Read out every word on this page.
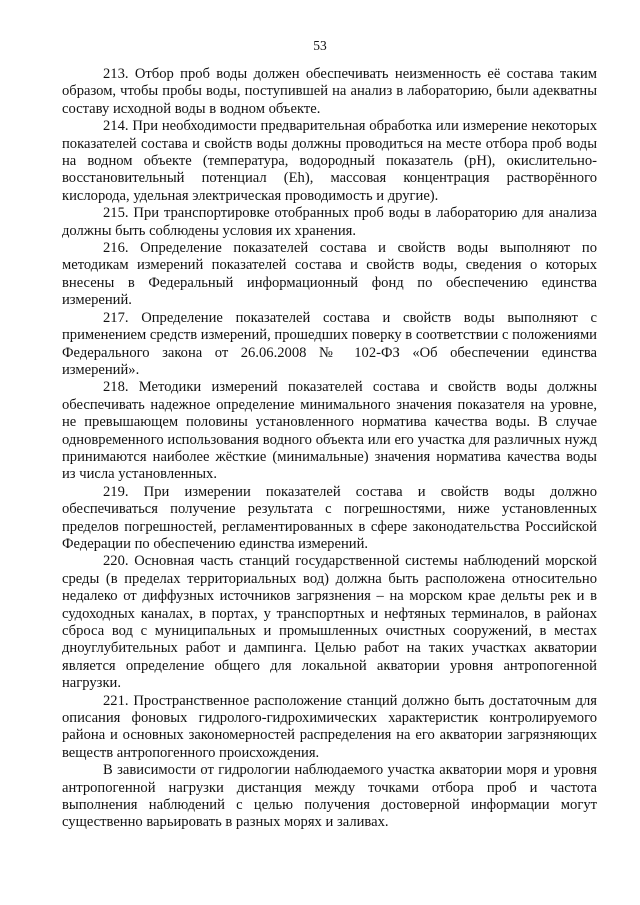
53

213. Отбор проб воды должен обеспечивать неизменность её состава таким образом, чтобы пробы воды, поступившей на анализ в лабораторию, были адекватны составу исходной воды в водном объекте.

214. При необходимости предварительная обработка или измерение некоторых показателей состава и свойств воды должны проводиться на месте отбора проб воды на водном объекте (температура, водородный показатель (pH), окислительно-восстановительный потенциал (Eh), массовая концентрация растворённого кислорода, удельная электрическая проводимость и другие).

215. При транспортировке отобранных проб воды в лабораторию для анализа должны быть соблюдены условия их хранения.

216. Определение показателей состава и свойств воды выполняют по методикам измерений показателей состава и свойств воды, сведения о которых внесены в Федеральный информационный фонд по обеспечению единства измерений.

217. Определение показателей состава и свойств воды выполняют с применением средств измерений, прошедших поверку в соответствии с положениями Федерального закона от 26.06.2008 № 102-ФЗ «Об обеспечении единства измерений».

218. Методики измерений показателей состава и свойств воды должны обеспечивать надежное определение минимального значения показателя на уровне, не превышающем половины установленного норматива качества воды. В случае одновременного использования водного объекта или его участка для различных нужд принимаются наиболее жёсткие (минимальные) значения норматива качества воды из числа установленных.

219. При измерении показателей состава и свойств воды должно обеспечиваться получение результата с погрешностями, ниже установленных пределов погрешностей, регламентированных в сфере законодательства Российской Федерации по обеспечению единства измерений.

220. Основная часть станций государственной системы наблюдений морской среды (в пределах территориальных вод) должна быть расположена относительно недалеко от диффузных источников загрязнения – на морском крае дельты рек и в судоходных каналах, в портах, у транспортных и нефтяных терминалов, в районах сброса вод с муниципальных и промышленных очистных сооружений, в местах дноуглубительных работ и дампинга. Целью работ на таких участках акватории является определение общего для локальной акватории уровня антропогенной нагрузки.

221. Пространственное расположение станций должно быть достаточным для описания фоновых гидролого-гидрохимических характеристик контролируемого района и основных закономерностей распределения на его акватории загрязняющих веществ антропогенного происхождения.

В зависимости от гидрологии наблюдаемого участка акватории моря и уровня антропогенной нагрузки дистанция между точками отбора проб и частота выполнения наблюдений с целью получения достоверной информации могут существенно варьировать в разных морях и заливах.
